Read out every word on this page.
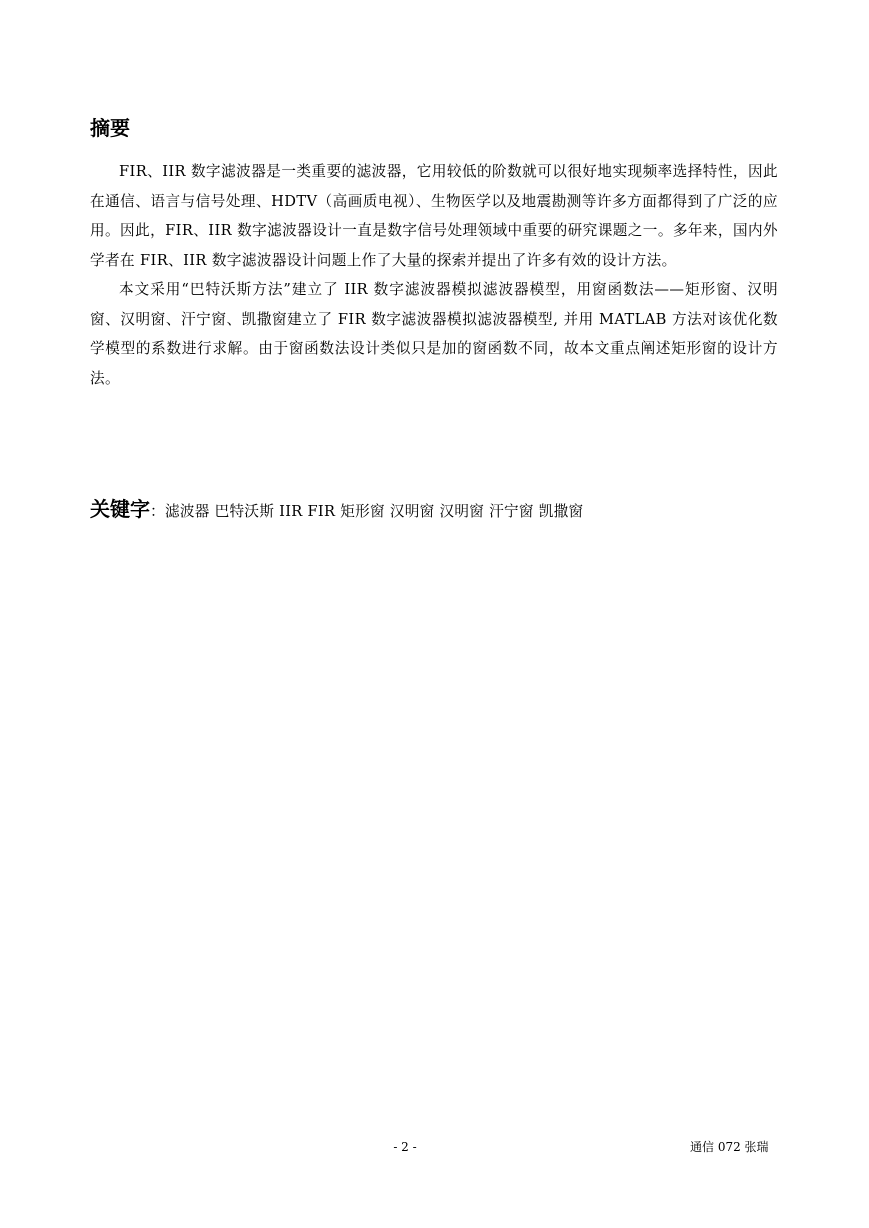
摘要

FIR、IIR 数字滤波器是一类重要的滤波器，它用较低的阶数就可以很好地实现频率选择特性，因此在通信、语言与信号处理、HDTV（高画质电视）、生物医学以及地震勘测等许多方面都得到了广泛的应用。因此，FIR、IIR 数字滤波器设计一直是数字信号处理领域中重要的研究课题之一。多年来，国内外学者在 FIR、IIR 数字滤波器设计问题上作了大量的探索并提出了许多有效的设计方法。

本文采用“巴特沃斯方法”建立了 IIR 数字滤波器模拟滤波器模型，用窗函数法——矩形窗、汉明窗、汉明窗、汗宁窗、凯撒窗建立了 FIR 数字滤波器模拟滤波器模型, 并用 MATLAB 方法对该优化数学模型的系数进行求解。由于窗函数法设计类似只是加的窗函数不同，故本文重点阐述矩形窗的设计方法。

关键字：滤波器 巴特沃斯 IIR FIR 矩形窗 汉明窗 汉明窗 汗宁窗 凯撒窗
- 2 -	通信 072 张瑞
